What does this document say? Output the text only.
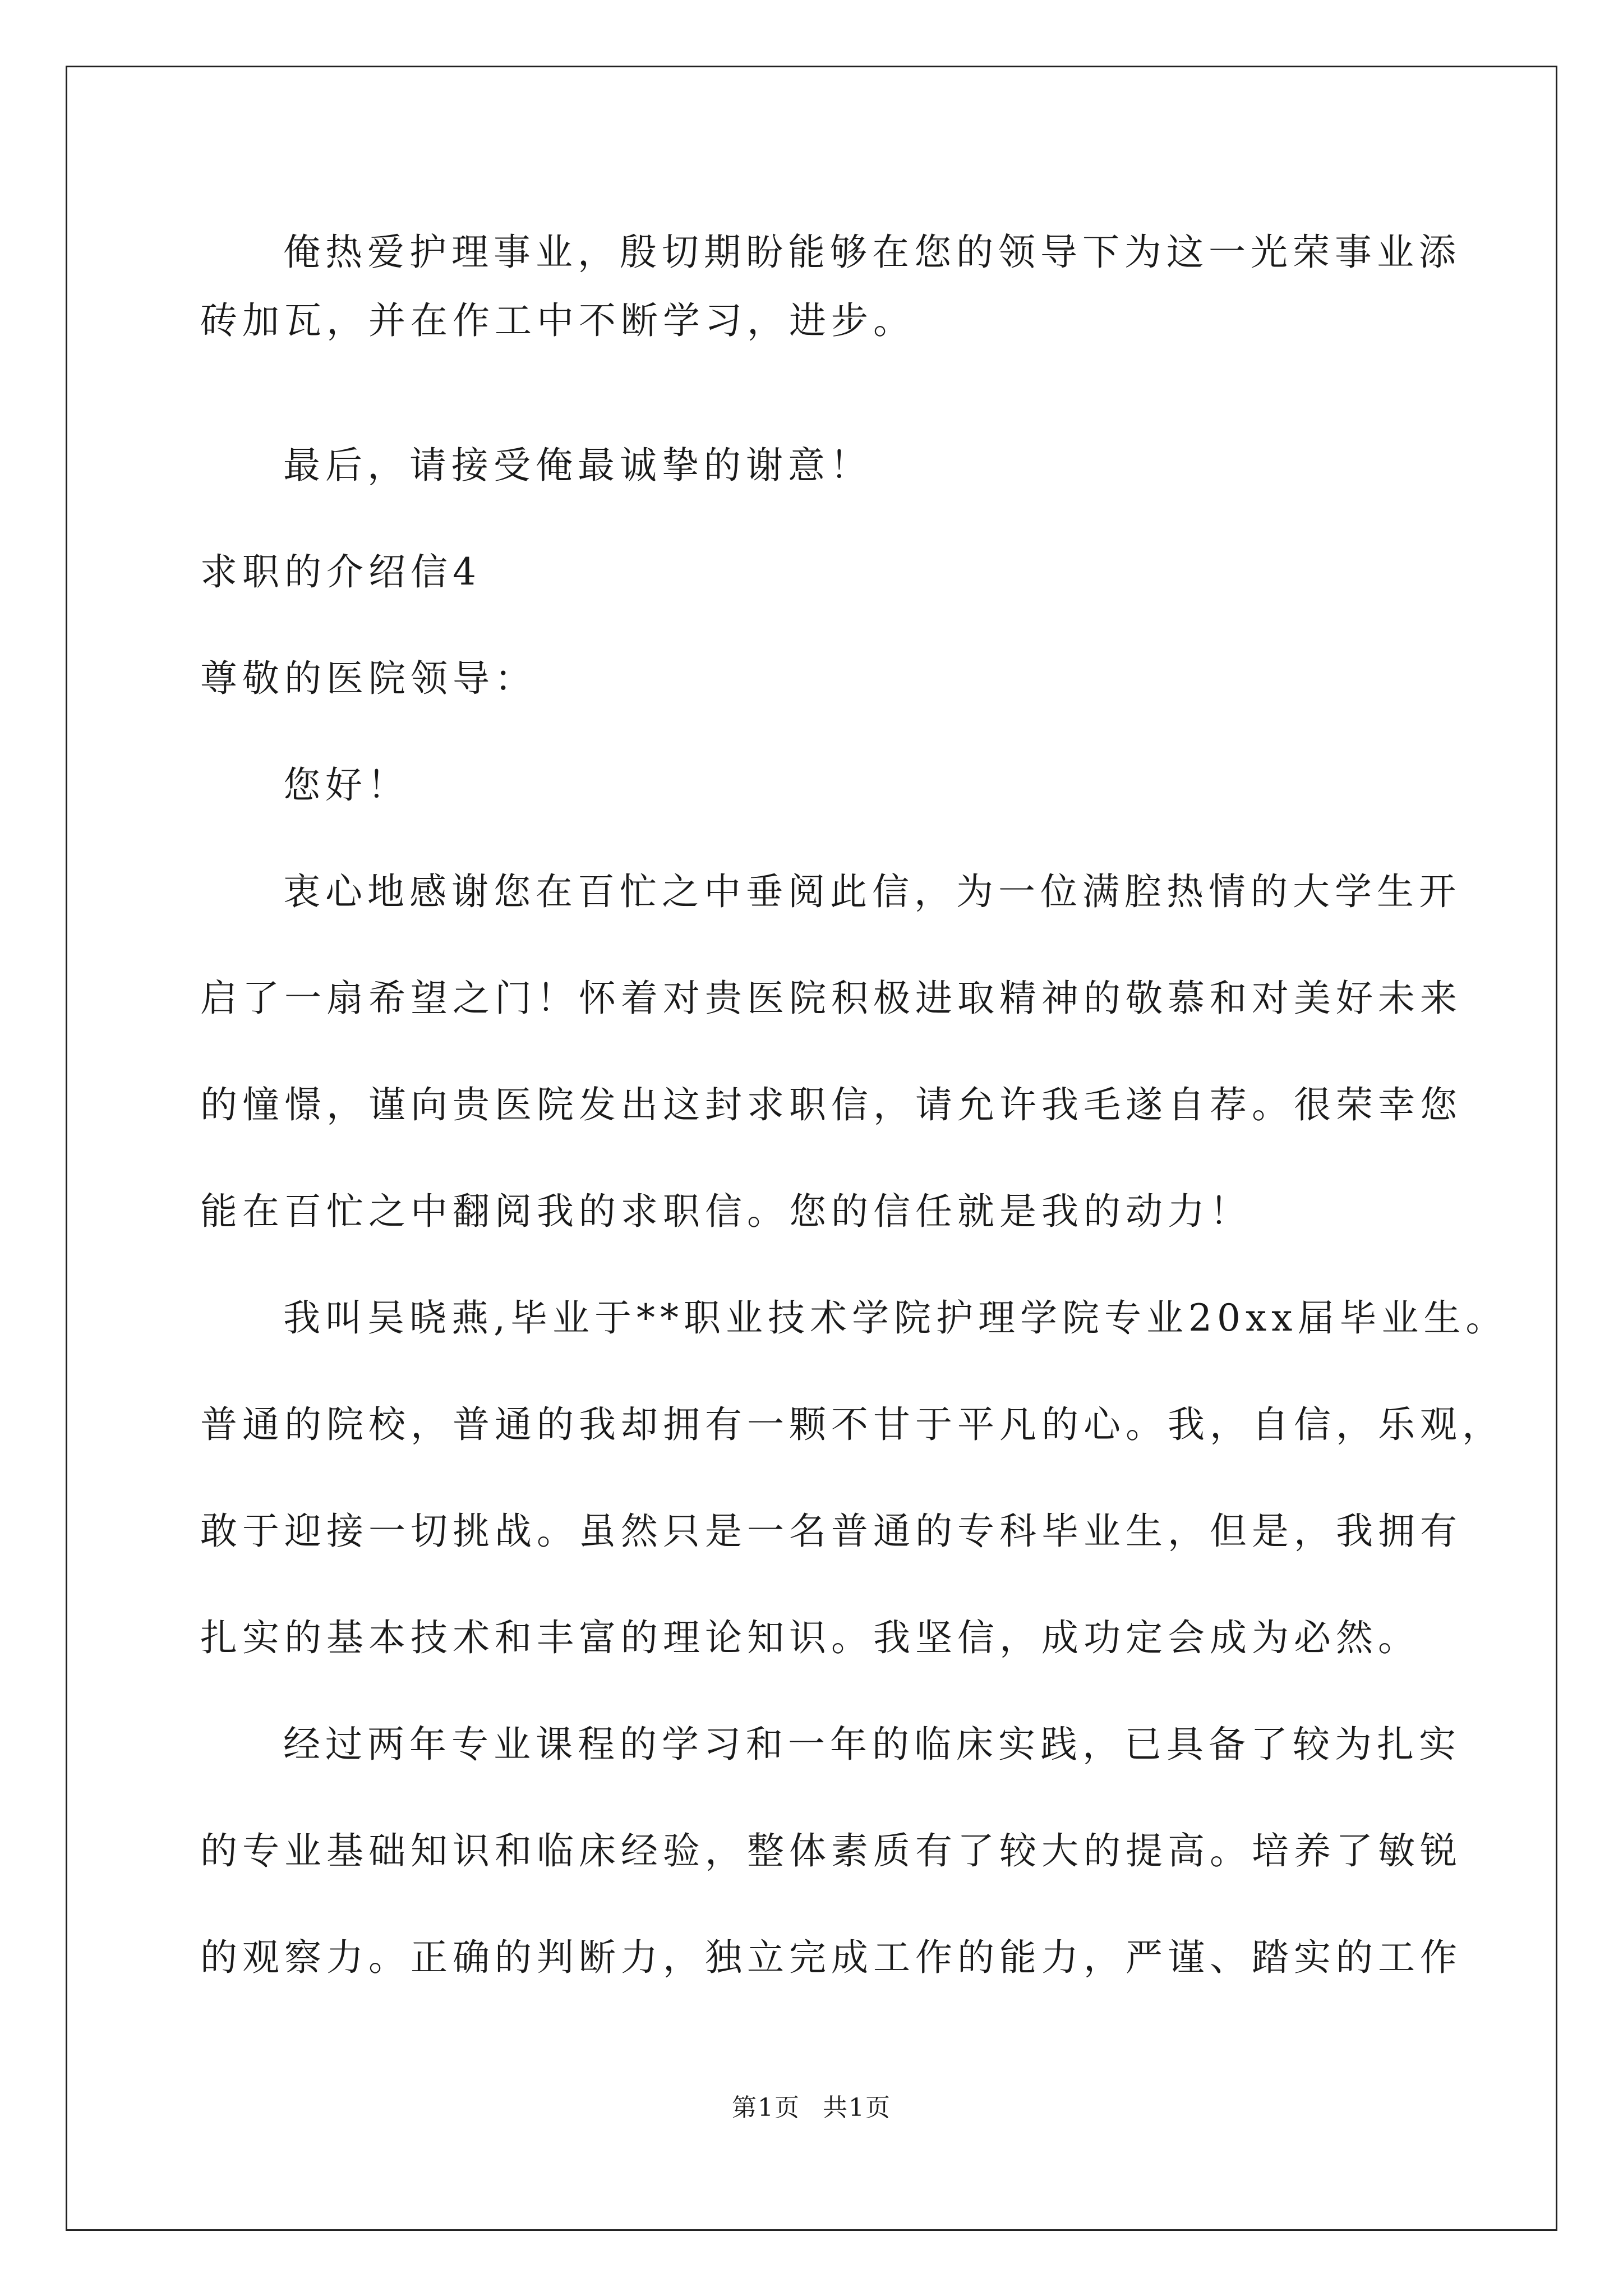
俺热爱护理事业，殷切期盼能够在您的领导下为这一光荣事业添
砖加瓦，并在作工中不断学习，进步。
最后，请接受俺最诚挚的谢意！
求职的介绍信4
尊敬的医院领导：
您好！
衷心地感谢您在百忙之中垂阅此信，为一位满腔热情的大学生开
启了一扇希望之门！怀着对贵医院积极进取精神的敬慕和对美好未来
的憧憬，谨向贵医院发出这封求职信，请允许我毛遂自荐。很荣幸您
能在百忙之中翻阅我的求职信。您的信任就是我的动力！
我叫吴晓燕,毕业于**职业技术学院护理学院专业20xx届毕业生。
普通的院校，普通的我却拥有一颗不甘于平凡的心。我，自信，乐观，
敢于迎接一切挑战。虽然只是一名普通的专科毕业生，但是，我拥有
扎实的基本技术和丰富的理论知识。我坚信，成功定会成为必然。
经过两年专业课程的学习和一年的临床实践，已具备了较为扎实
的专业基础知识和临床经验，整体素质有了较大的提高。培养了敏锐
的观察力。正确的判断力，独立完成工作的能力，严谨、踏实的工作
第1页 共1页
